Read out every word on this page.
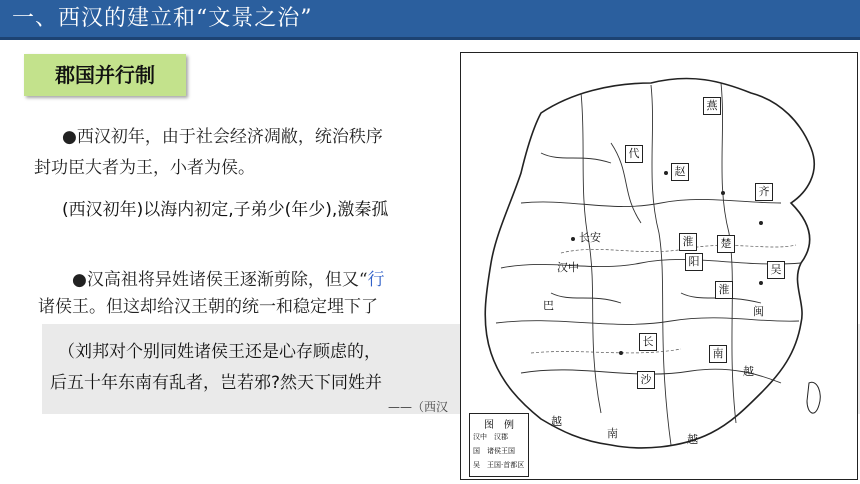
一、西汉的建立和“文景之治”
郡国并行制
●西汉初年，由于社会经济凋敝，统治秩序
封功臣大者为王，小者为侯。
(西汉初年)以海内初定,子弟少(年少),激秦孤
●汉高祖将异姓诸侯王逐渐剪除，但又“行
诸侯王。但这却给汉王朝的统一和稳定埋下了
（刘邦对个别同姓诸侯王还是心存顾虑的，
后五十年东南有乱者，岂若邪?然天下同姓并
——（西汉
燕
代
赵
齐
淮	楚
阳
吴
淮
长
沙
南
越
闽
越
南
越
巴
汉中
长安
图　例
汉中　汉郡
国　诸侯王国
吴　王国·首都区
